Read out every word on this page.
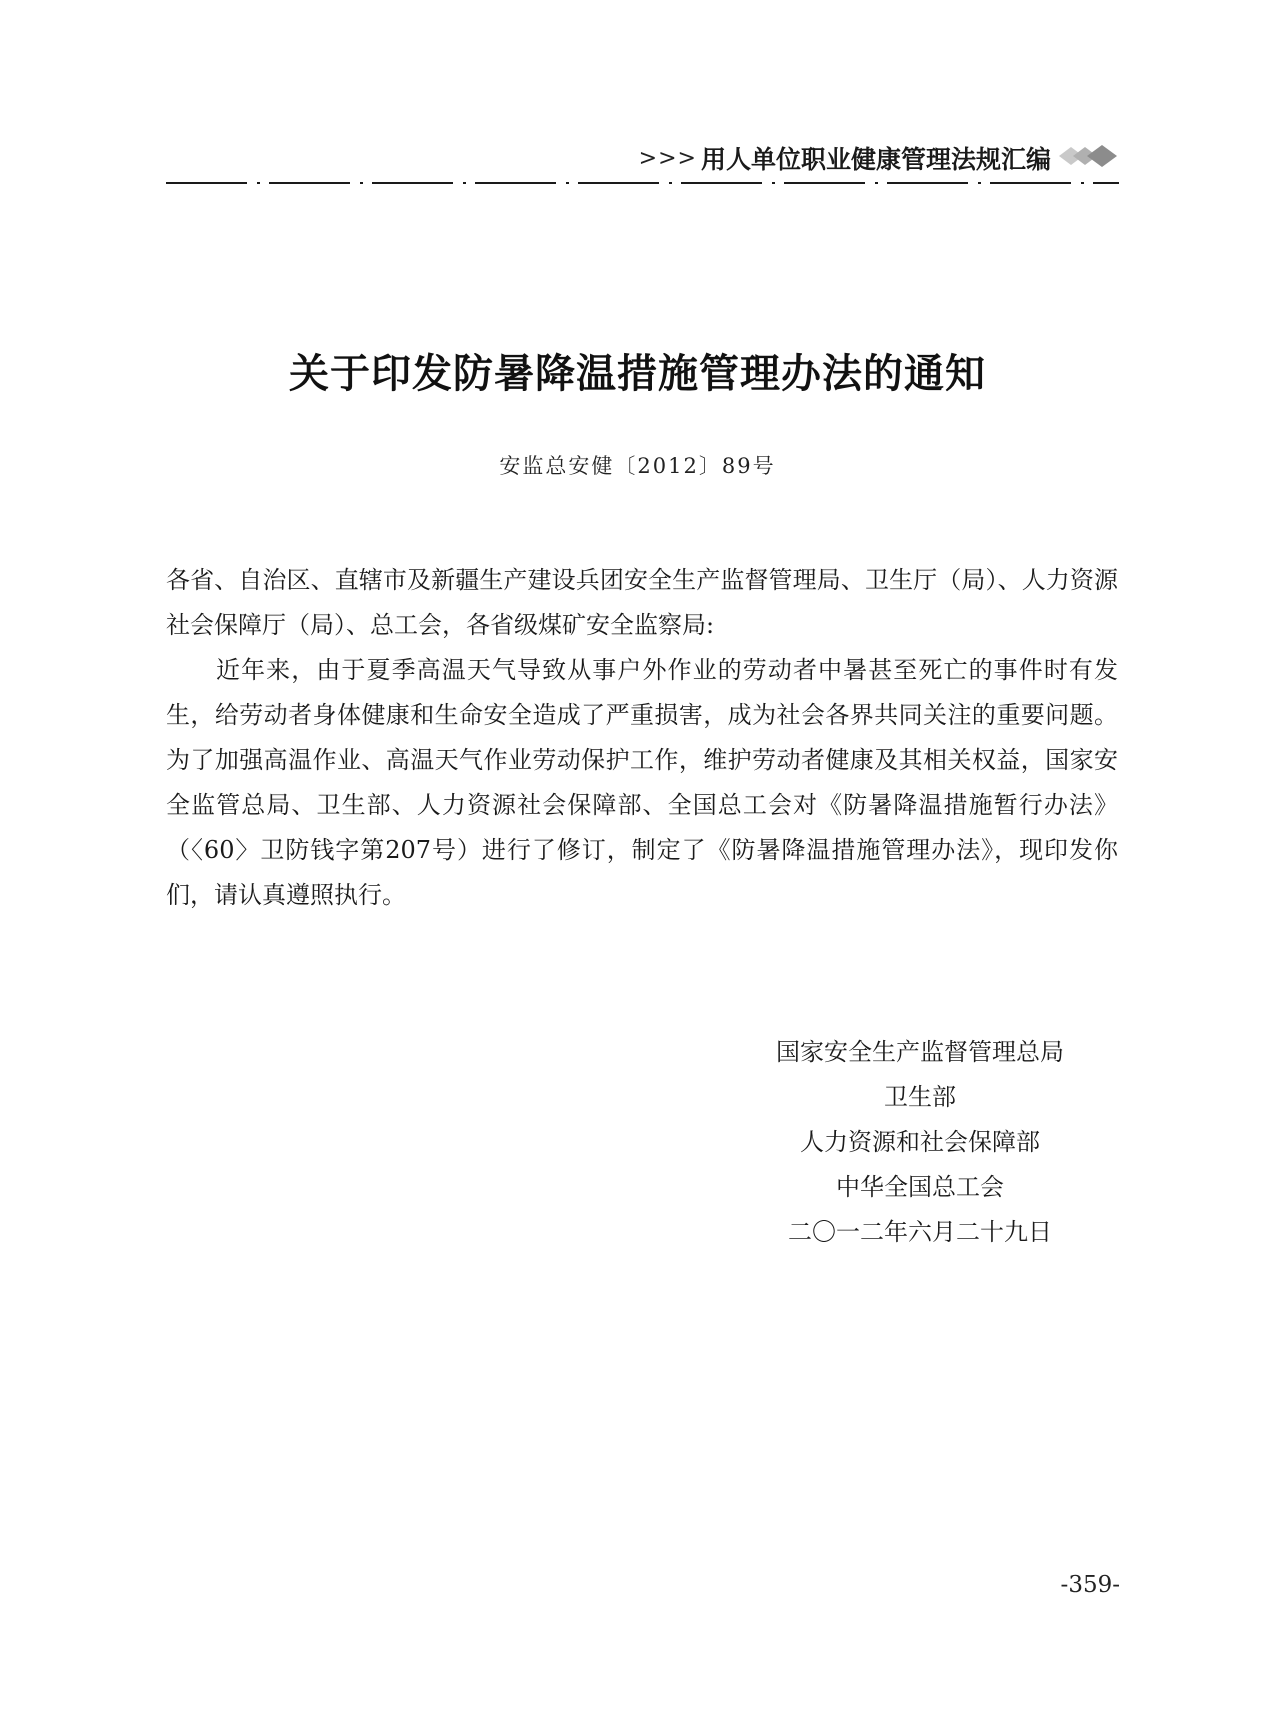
>>> 用人单位职业健康管理法规汇编
关于印发防暑降温措施管理办法的通知
安监总安健〔2012〕89号

各省、自治区、直辖市及新疆生产建设兵团安全生产监督管理局、卫生厅（局）、人力资源社会保障厅（局）、总工会，各省级煤矿安全监察局:

近年来，由于夏季高温天气导致从事户外作业的劳动者中暑甚至死亡的事件时有发生，给劳动者身体健康和生命安全造成了严重损害，成为社会各界共同关注的重要问题。为了加强高温作业、高温天气作业劳动保护工作，维护劳动者健康及其相关权益，国家安全监管总局、卫生部、人力资源社会保障部、全国总工会对《防暑降温措施暂行办法》（〈60〉卫防钱字第207号）进行了修订，制定了《防暑降温措施管理办法》，现印发你们，请认真遵照执行。

国家安全生产监督管理总局
卫生部
人力资源和社会保障部
中华全国总工会
二〇一二年六月二十九日
-359-
